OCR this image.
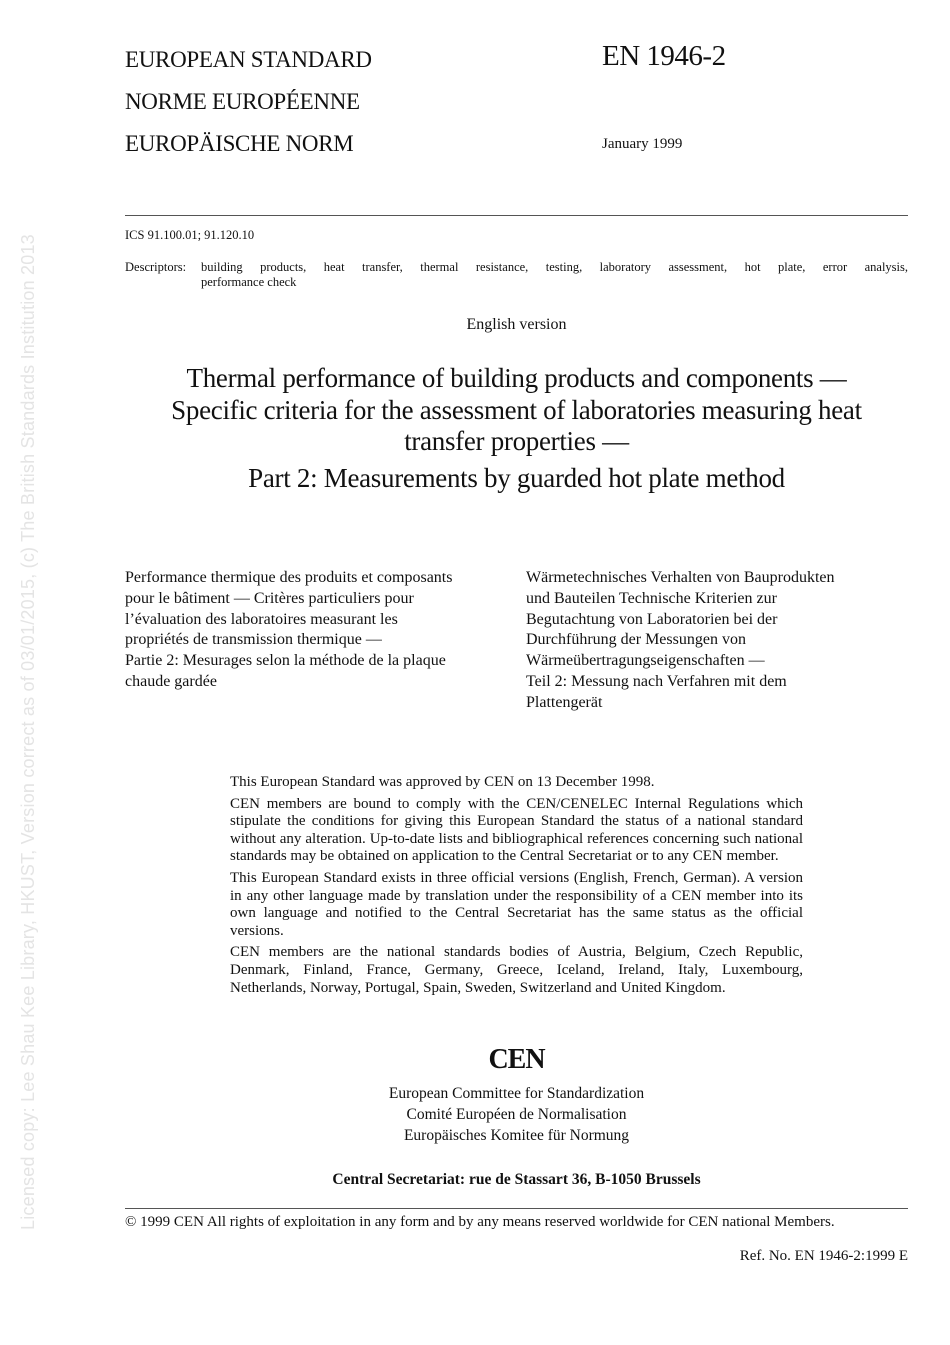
Licensed copy: Lee Shau Kee Library, HKUST, Version correct as of 03/01/2015, (c) The British Standards Institution 2013
EUROPEAN STANDARD
NORME EUROPÉENNE
EUROPÄISCHE NORM
EN 1946-2
January 1999
ICS 91.100.01; 91.120.10
Descriptors:	building products, heat transfer, thermal resistance, testing, laboratory assessment, hot plate, error analysis,
performance check
English version
Thermal performance of building products and components —
Specific criteria for the assessment of laboratories measuring heat
transfer properties —
Part 2: Measurements by guarded hot plate method
Performance thermique des produits et composants
pour le bâtiment — Critères particuliers pour
l’évaluation des laboratoires measurant les
propriétés de transmission thermique —
Partie 2: Mesurages selon la méthode de la plaque
chaude gardée
Wärmetechnisches Verhalten von Bauprodukten
und Bauteilen Technische Kriterien zur
Begutachtung von Laboratorien bei der
Durchführung der Messungen von
Wärmeübertragungseigenschaften —
Teil 2: Messung nach Verfahren mit dem
Plattengerät

This European Standard was approved by CEN on 13 December 1998.

CEN members are bound to comply with the CEN/CENELEC Internal Regulations which stipulate the conditions for giving this European Standard the status of a national standard without any alteration. Up-to-date lists and bibliographical references concerning such national standards may be obtained on application to the Central Secretariat or to any CEN member.

This European Standard exists in three official versions (English, French, German). A version in any other language made by translation under the responsibility of a CEN member into its own language and notified to the Central Secretariat has the same status as the official versions.

CEN members are the national standards bodies of Austria, Belgium, Czech Republic, Denmark, Finland, France, Germany, Greece, Iceland, Ireland, Italy, Luxembourg, Netherlands, Norway, Portugal, Spain, Sweden, Switzerland and United Kingdom.

CEN
European Committee for Standardization
Comité Européen de Normalisation
Europäisches Komitee für Normung
Central Secretariat: rue de Stassart 36, B-1050 Brussels
© 1999 CEN All rights of exploitation in any form and by any means reserved worldwide for CEN national Members.
Ref. No. EN 1946-2:1999 E
